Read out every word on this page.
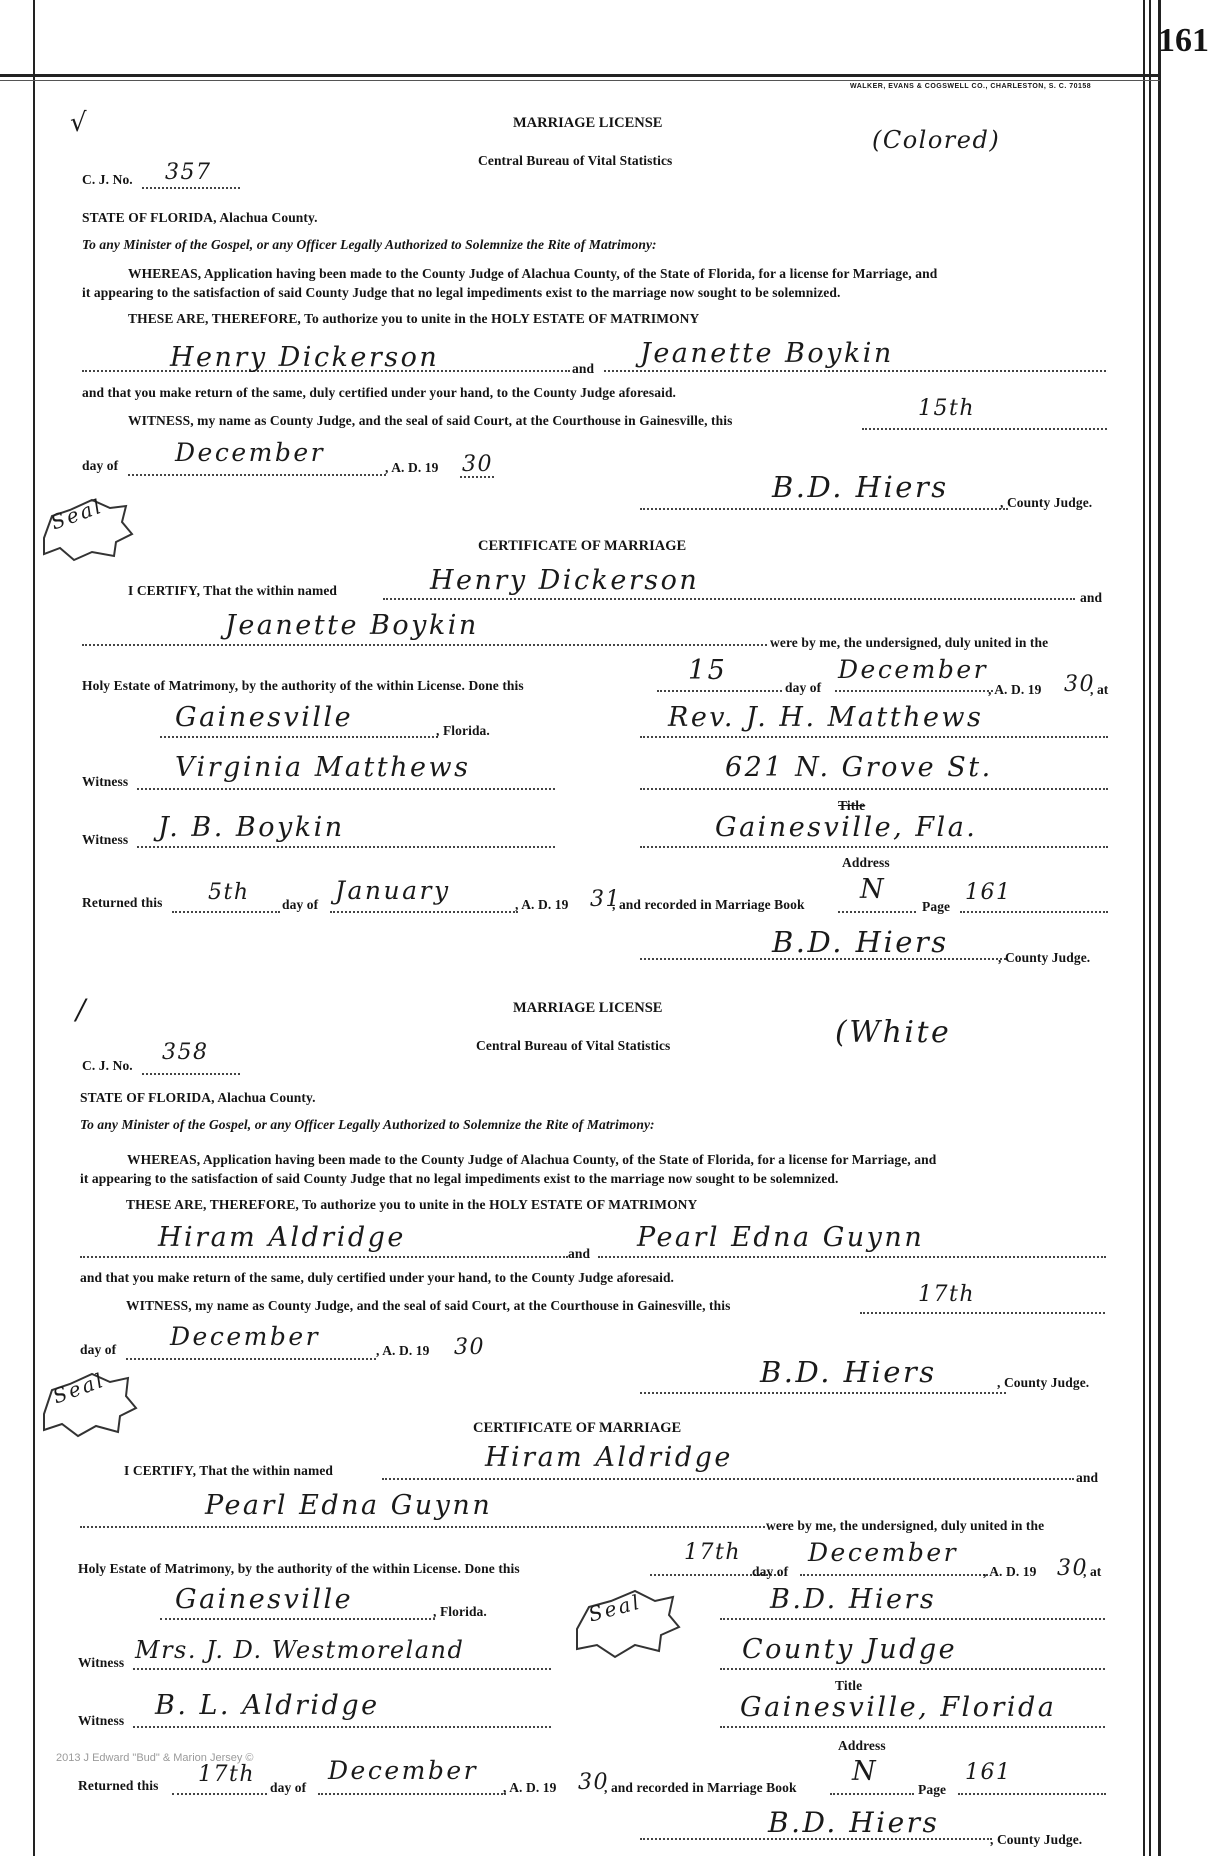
161
WALKER, EVANS & COGSWELL CO., CHARLESTON, S. C. 70158
√	MARRIAGE LICENSE
Central Bureau of Vital Statistics
(Colored)
C. J. No. 357
STATE OF FLORIDA, Alachua County.
To any Minister of the Gospel, or any Officer Legally Authorized to Solemnize the Rite of Matrimony:
WHEREAS, Application having been made to the County Judge of Alachua County, of the State of Florida, for a license for Marriage, and
it appearing to the satisfaction of said County Judge that no legal impediments exist to the marriage now sought to be solemnized.
THESE ARE, THEREFORE, To authorize you to unite in the HOLY ESTATE OF MATRIMONY
Henry Dickerson	and Jeanette Boykin
and that you make return of the same, duly certified under your hand, to the County Judge aforesaid.
WITNESS, my name as County Judge, and the seal of said Court, at the Courthouse in Gainesville, this	15th
day of December
, A. D. 19 30
B.D. Hiers	, County Judge.
Seal
CERTIFICATE OF MARRIAGE
I CERTIFY, That the within named	Henry Dickerson
and
Jeanette Boykin
were by me, the undersigned, duly united in the
Holy Estate of Matrimony, by the authority of the within License. Done this	15
day of
December
, A. D. 19 30
, at
Gainesville	, Florida.	Rev. J. H. Matthews
Witness Virginia Matthews	621 N. Grove St.
Title
Witness J. B. Boykin	Gainesville, Fla.
Address
Returned this 5th day of January	, A. D. 19 31
, and recorded in Marriage Book N
Page
161
B.D. Hiers	, County Judge.
/	MARRIAGE LICENSE
Central Bureau of Vital Statistics	(White
C. J. No.
358
STATE OF FLORIDA, Alachua County.
To any Minister of the Gospel, or any Officer Legally Authorized to Solemnize the Rite of Matrimony:
WHEREAS, Application having been made to the County Judge of Alachua County, of the State of Florida, for a license for Marriage, and
it appearing to the satisfaction of said County Judge that no legal impediments exist to the marriage now sought to be solemnized.
THESE ARE, THEREFORE, To authorize you to unite in the HOLY ESTATE OF MATRIMONY
Hiram Aldridge
and
Pearl Edna Guynn
and that you make return of the same, duly certified under your hand, to the County Judge aforesaid.
WITNESS, my name as County Judge, and the seal of said Court, at the Courthouse in Gainesville, this	17th
day of December	, A. D. 19 30
B.D. Hiers	, County Judge.
Seal
CERTIFICATE OF MARRIAGE
I CERTIFY, That the within named	Hiram Aldridge
and
Pearl Edna Guynn
were by me, the undersigned, duly united in the
Holy Estate of Matrimony, by the authority of the within License. Done this
17th
day of
December
, A. D. 19 30
, at
Gainesville	, Florida.	Seal	B.D. Hiers
Witness Mrs. J. D. Westmoreland	County Judge
Title
Witness B. L. Aldridge	Gainesville, Florida
Address
2013 J Edward "Bud" & Marion Jersey ©
Returned this 17th
day of
December
, A. D. 19 30
, and recorded in Marriage Book
N
Page
161
B.D. Hiers
, County Judge.
